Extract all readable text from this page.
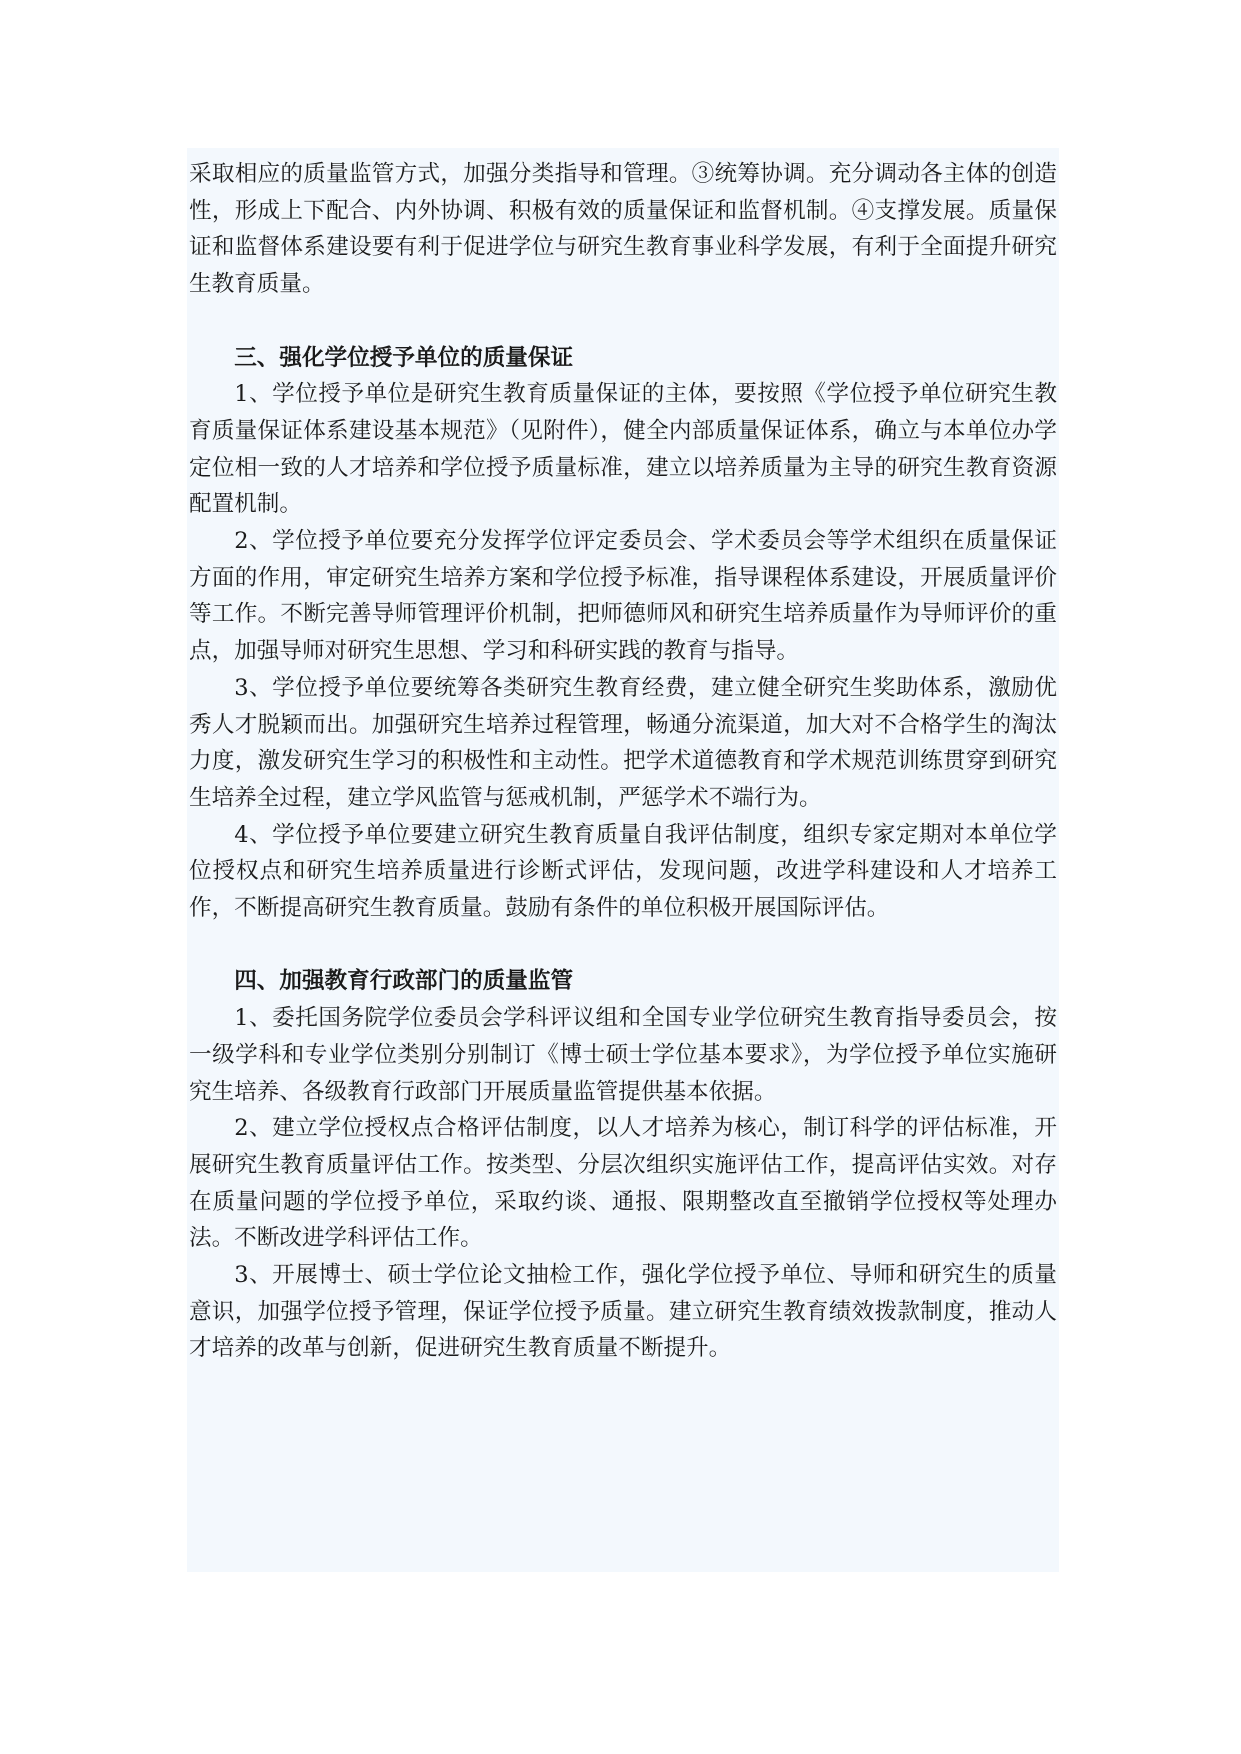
采取相应的质量监管方式，加强分类指导和管理。③统筹协调。充分调动各主体的创造性，形成上下配合、内外协调、积极有效的质量保证和监督机制。④支撑发展。质量保证和监督体系建设要有利于促进学位与研究生教育事业科学发展，有利于全面提升研究生教育质量。

三、强化学位授予单位的质量保证

1、学位授予单位是研究生教育质量保证的主体，要按照《学位授予单位研究生教育质量保证体系建设基本规范》（见附件），健全内部质量保证体系，确立与本单位办学定位相一致的人才培养和学位授予质量标准，建立以培养质量为主导的研究生教育资源配置机制。

2、学位授予单位要充分发挥学位评定委员会、学术委员会等学术组织在质量保证方面的作用，审定研究生培养方案和学位授予标准，指导课程体系建设，开展质量评价等工作。不断完善导师管理评价机制，把师德师风和研究生培养质量作为导师评价的重点，加强导师对研究生思想、学习和科研实践的教育与指导。

3、学位授予单位要统筹各类研究生教育经费，建立健全研究生奖助体系，激励优秀人才脱颖而出。加强研究生培养过程管理，畅通分流渠道，加大对不合格学生的淘汰力度，激发研究生学习的积极性和主动性。把学术道德教育和学术规范训练贯穿到研究生培养全过程，建立学风监管与惩戒机制，严惩学术不端行为。

4、学位授予单位要建立研究生教育质量自我评估制度，组织专家定期对本单位学位授权点和研究生培养质量进行诊断式评估，发现问题，改进学科建设和人才培养工作，不断提高研究生教育质量。鼓励有条件的单位积极开展国际评估。

四、加强教育行政部门的质量监管

1、委托国务院学位委员会学科评议组和全国专业学位研究生教育指导委员会，按一级学科和专业学位类别分别制订《博士硕士学位基本要求》，为学位授予单位实施研究生培养、各级教育行政部门开展质量监管提供基本依据。

2、建立学位授权点合格评估制度，以人才培养为核心，制订科学的评估标准，开展研究生教育质量评估工作。按类型、分层次组织实施评估工作，提高评估实效。对存在质量问题的学位授予单位，采取约谈、通报、限期整改直至撤销学位授权等处理办法。不断改进学科评估工作。

3、开展博士、硕士学位论文抽检工作，强化学位授予单位、导师和研究生的质量意识，加强学位授予管理，保证学位授予质量。建立研究生教育绩效拨款制度，推动人才培养的改革与创新，促进研究生教育质量不断提升。
